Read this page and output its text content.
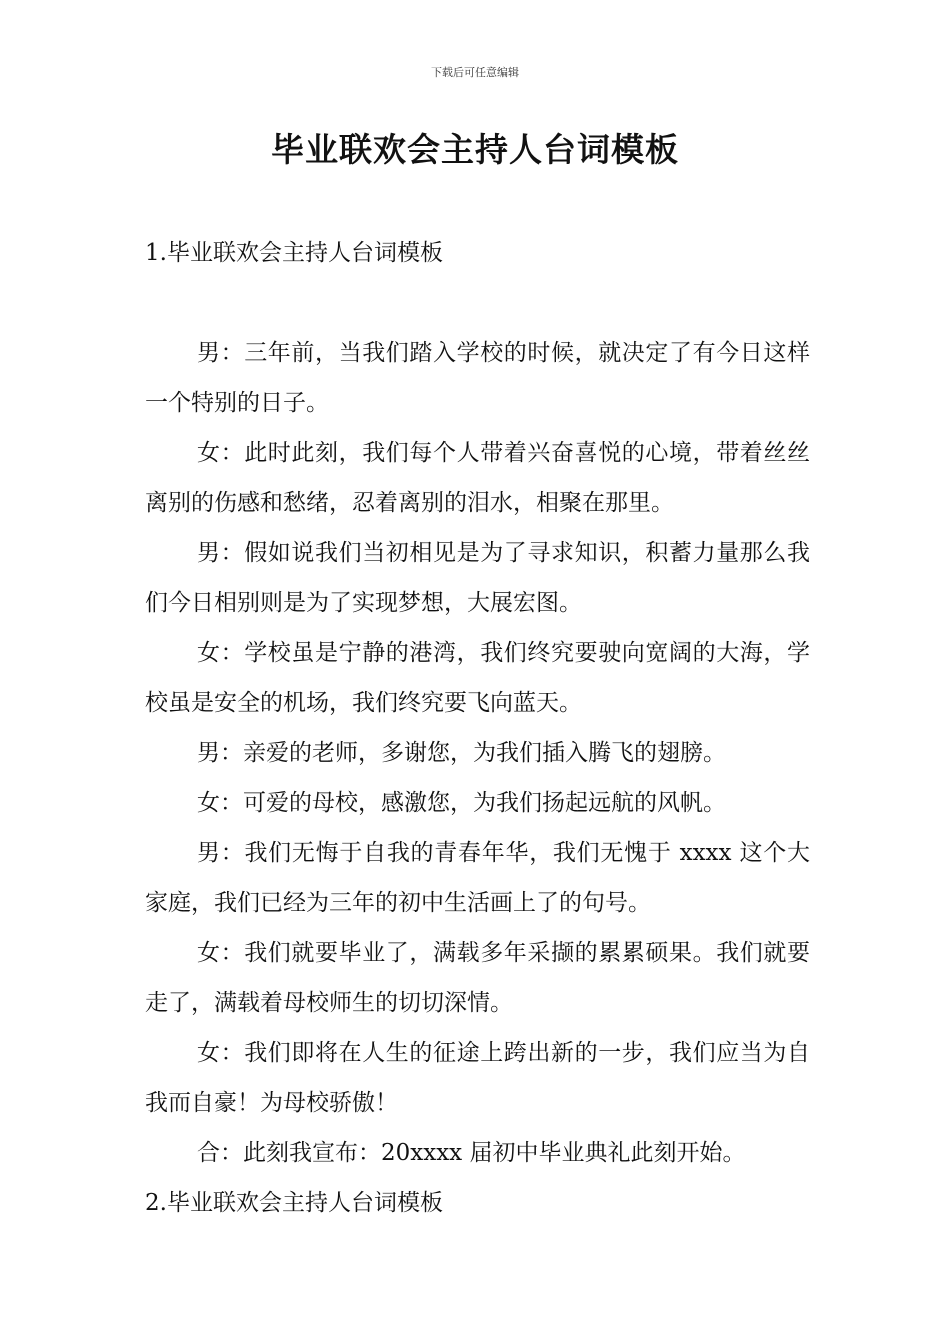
下载后可任意编辑
毕业联欢会主持人台词模板

1.毕业联欢会主持人台词模板

男：三年前，当我们踏入学校的时候，就决定了有今日这样一个特别的日子。

女：此时此刻，我们每个人带着兴奋喜悦的心境，带着丝丝离别的伤感和愁绪，忍着离别的泪水，相聚在那里。

男：假如说我们当初相见是为了寻求知识，积蓄力量那么我们今日相别则是为了实现梦想，大展宏图。

女：学校虽是宁静的港湾，我们终究要驶向宽阔的大海，学校虽是安全的机场，我们终究要飞向蓝天。

男：亲爱的老师，多谢您，为我们插入腾飞的翅膀。

女：可爱的母校，感激您，为我们扬起远航的风帆。

男：我们无悔于自我的青春年华，我们无愧于 xxxx 这个大家庭，我们已经为三年的初中生活画上了的句号。

女：我们就要毕业了，满载多年采撷的累累硕果。我们就要走了，满载着母校师生的切切深情。

女：我们即将在人生的征途上跨出新的一步，我们应当为自我而自豪！为母校骄傲！

合：此刻我宣布：20xxxx 届初中毕业典礼此刻开始。

2.毕业联欢会主持人台词模板
